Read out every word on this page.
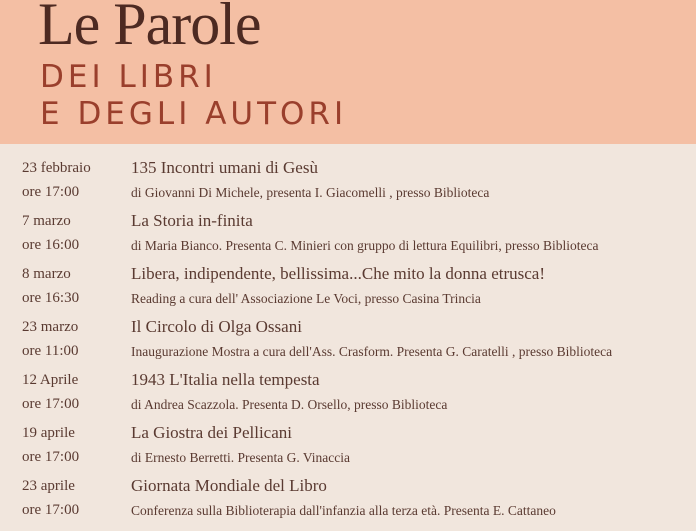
Le Parole
DEI LIBRI
E DEGLI AUTORI
23 febbraio
ore 17:00
135 Incontri umani di Gesù
di Giovanni Di Michele, presenta I. Giacomelli , presso Biblioteca
7 marzo
ore 16:00
La Storia in-finita
di Maria Bianco. Presenta C. Minieri con gruppo di lettura Equilibri, presso Biblioteca
8 marzo
ore 16:30
Libera, indipendente, bellissima...Che mito la donna etrusca!
Reading a cura dell' Associazione Le Voci, presso Casina Trincia
23 marzo
ore 11:00
Il Circolo di Olga Ossani
Inaugurazione Mostra a cura dell'Ass. Crasform. Presenta G. Caratelli , presso Biblioteca
12 Aprile
ore 17:00
1943 L'Italia nella tempesta
di Andrea Scazzola. Presenta D. Orsello, presso Biblioteca
19 aprile
ore 17:00
La Giostra dei Pellicani
di Ernesto Berretti. Presenta G. Vinaccia
23 aprile
ore 17:00
Giornata Mondiale del Libro
Conferenza sulla Biblioterapia dall'infanzia alla terza età. Presenta E. Cattaneo
